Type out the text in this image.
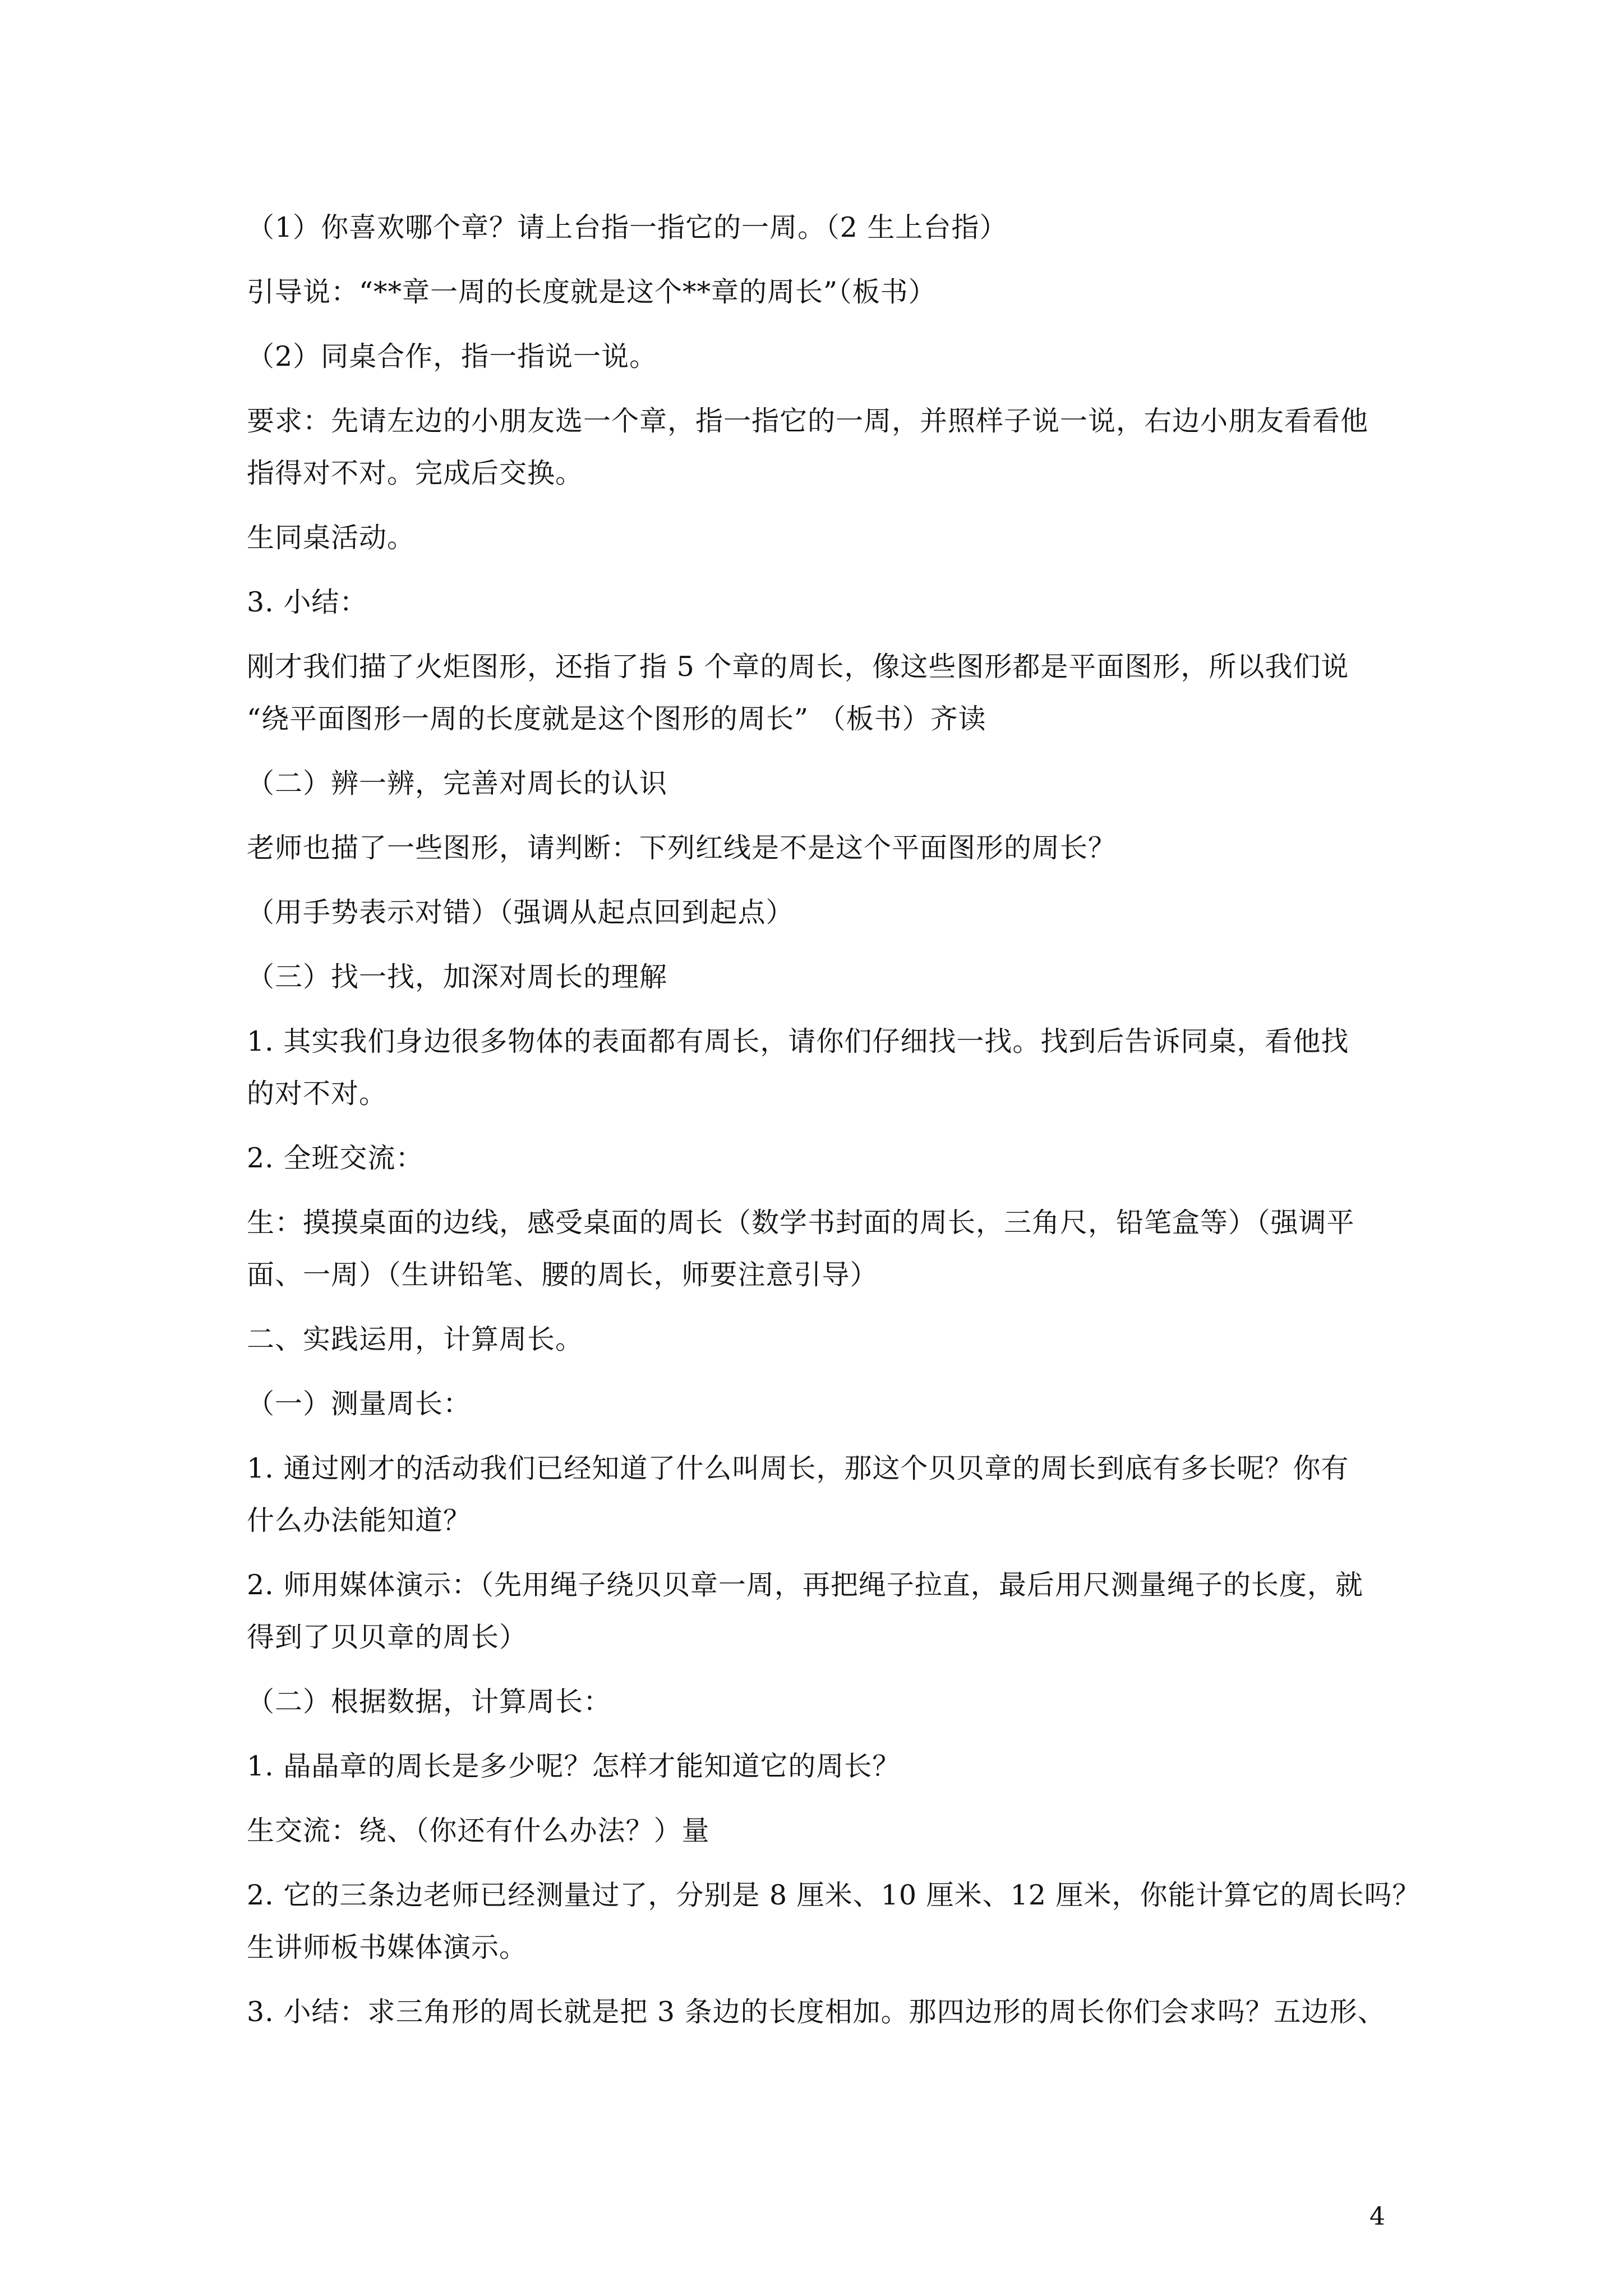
（1）你喜欢哪个章？请上台指一指它的一周。（2 生上台指）

引导说：“**章一周的长度就是这个**章的周长”（板书）

（2）同桌合作，指一指说一说。

要求：先请左边的小朋友选一个章，指一指它的一周，并照样子说一说，右边小朋友看看他

指得对不对。完成后交换。

生同桌活动。

3. 小结：

刚才我们描了火炬图形，还指了指 5 个章的周长，像这些图形都是平面图形，所以我们说

“绕平面图形一周的长度就是这个图形的周长” （板书）齐读

（二）辨一辨，完善对周长的认识

老师也描了一些图形，请判断：下列红线是不是这个平面图形的周长？

（用手势表示对错）（强调从起点回到起点）

（三）找一找，加深对周长的理解

1. 其实我们身边很多物体的表面都有周长，请你们仔细找一找。找到后告诉同桌，看他找

的对不对。

2. 全班交流：

生：摸摸桌面的边线，感受桌面的周长（数学书封面的周长，三角尺，铅笔盒等）（强调平

面、一周）（生讲铅笔、腰的周长，师要注意引导）

二、实践运用，计算周长。

（一）测量周长：

1. 通过刚才的活动我们已经知道了什么叫周长，那这个贝贝章的周长到底有多长呢？你有

什么办法能知道？

2. 师用媒体演示：（先用绳子绕贝贝章一周，再把绳子拉直，最后用尺测量绳子的长度，就

得到了贝贝章的周长）

（二）根据数据，计算周长：

1. 晶晶章的周长是多少呢？怎样才能知道它的周长？

生交流：绕、（你还有什么办法？）量

2. 它的三条边老师已经测量过了，分别是 8 厘米、10 厘米、12 厘米，你能计算它的周长吗？

生讲师板书媒体演示。

3. 小结：求三角形的周长就是把 3 条边的长度相加。那四边形的周长你们会求吗？五边形、

4
